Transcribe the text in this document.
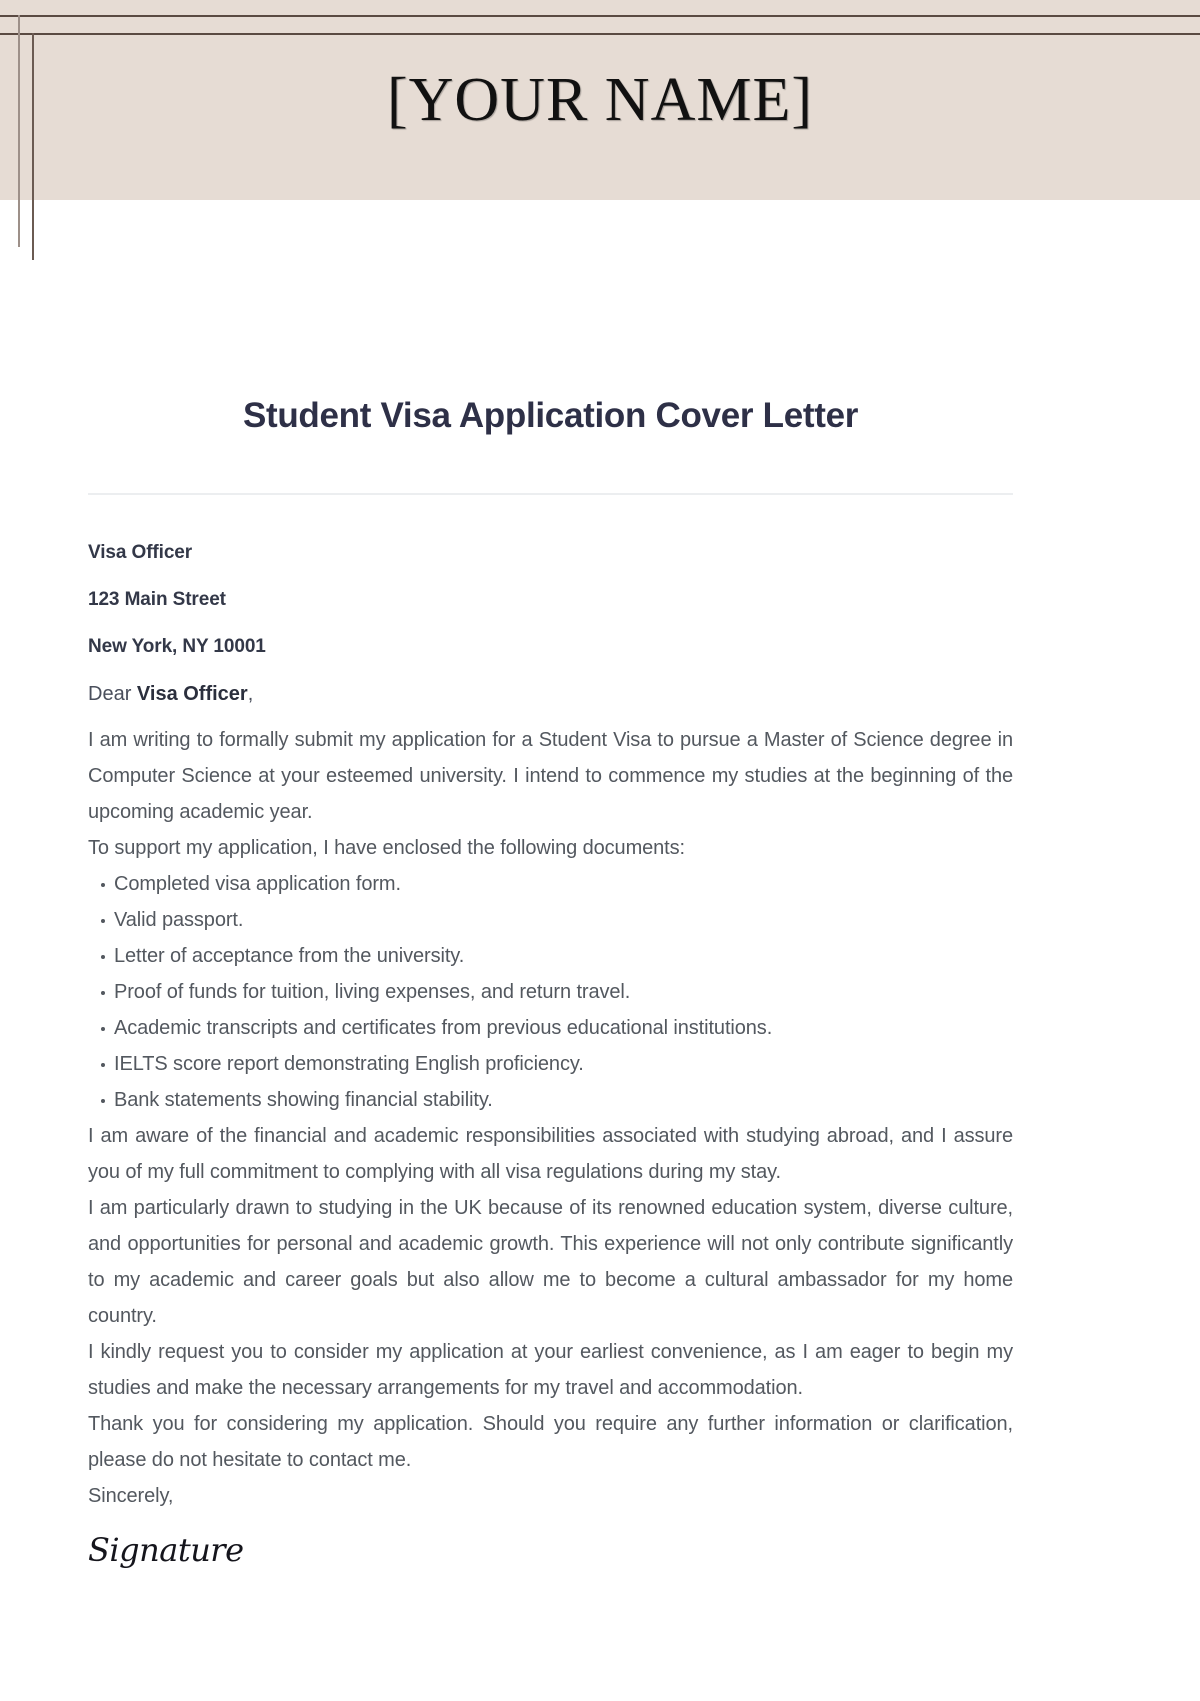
[YOUR NAME]
Student Visa Application Cover Letter
Visa Officer
123 Main Street
New York, NY 10001
Dear Visa Officer,

I am writing to formally submit my application for a Student Visa to pursue a Master of Science degree in Computer Science at your esteemed university. I intend to commence my studies at the beginning of the upcoming academic year.

To support my application, I have enclosed the following documents:

Completed visa application form.
Valid passport.
Letter of acceptance from the university.
Proof of funds for tuition, living expenses, and return travel.
Academic transcripts and certificates from previous educational institutions.
IELTS score report demonstrating English proficiency.
Bank statements showing financial stability.

I am aware of the financial and academic responsibilities associated with studying abroad, and I assure you of my full commitment to complying with all visa regulations during my stay.

I am particularly drawn to studying in the UK because of its renowned education system, diverse culture, and opportunities for personal and academic growth. This experience will not only contribute significantly to my academic and career goals but also allow me to become a cultural ambassador for my home country.

I kindly request you to consider my application at your earliest convenience, as I am eager to begin my studies and make the necessary arrangements for my travel and accommodation.

Thank you for considering my application. Should you require any further information or clarification, please do not hesitate to contact me.

Sincerely,
Signature
